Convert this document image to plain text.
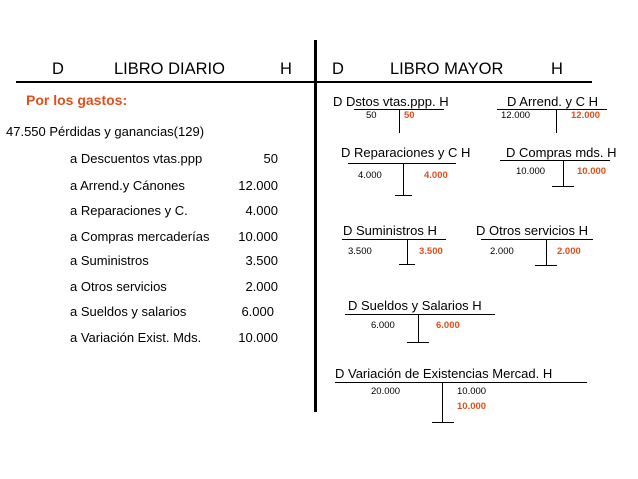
D	LIBRO DIARIO	H D	LIBRO MAYOR	H
Por los gastos:
47.550 Pérdidas y ganancias(129)
a Descuentos vtas.ppp	50
a Arrend.y Cánones	12.000
a Reparaciones y C.	4.000
a Compras mercaderías 10.000
a Suministros	3.500
a Otros servicios	2.000
a Sueldos y salarios	6.000
a Variación Exist. Mds.	10.000
D Dstos vtas.ppp. H
50	50
D Arrend. y C H
12.000	12.000
D Reparaciones y C H
4.000	4.000
D Compras mds. H
10.000	10.000
D Suministros H
3.500	3.500
D Otros servicios H
2.000	2.000
D Sueldos y Salarios H
6.000	6.000
D Variación de Existencias Mercad. H
20.000	10.000
10.000
